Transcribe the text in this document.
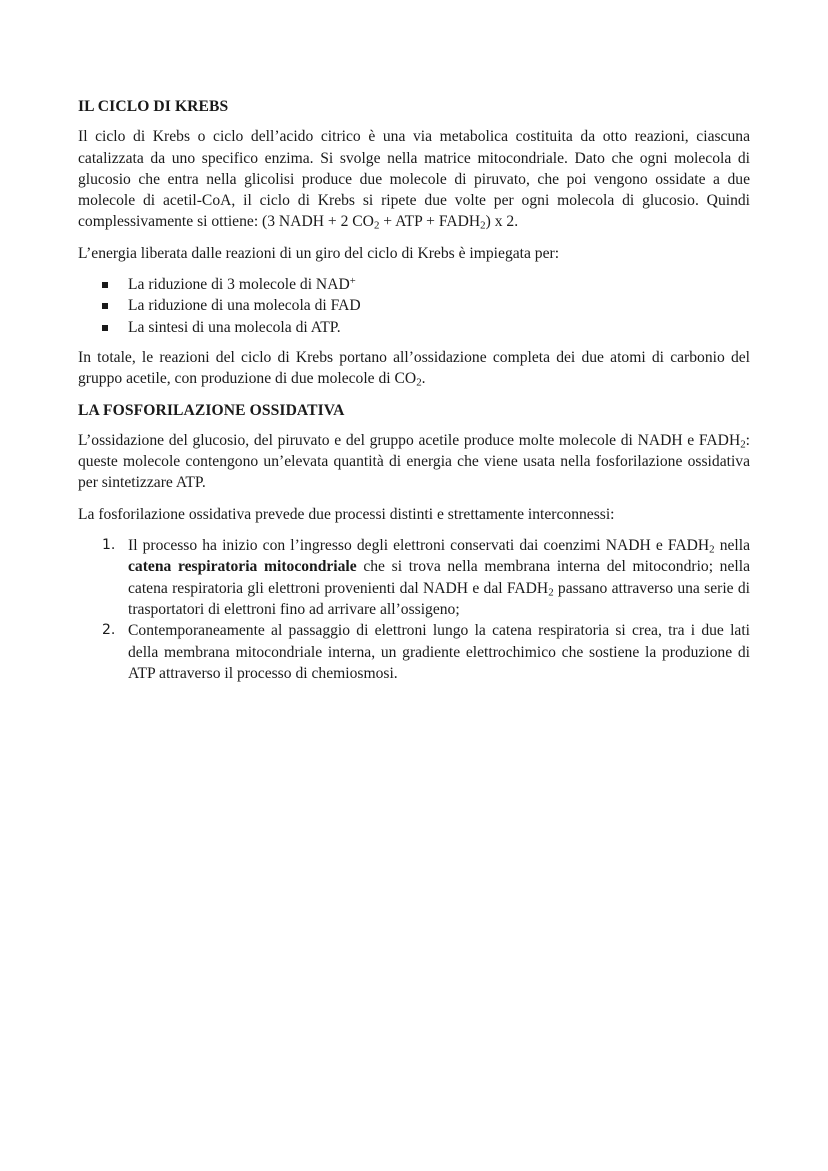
IL CICLO DI KREBS

Il ciclo di Krebs o ciclo dell’acido citrico è una via metabolica costituita da otto reazioni, ciascuna catalizzata da uno specifico enzima. Si svolge nella matrice mitocondriale. Dato che ogni molecola di glucosio che entra nella glicolisi produce due molecole di piruvato, che poi vengono ossidate a due molecole di acetil-CoA, il ciclo di Krebs si ripete due volte per ogni molecola di glucosio. Quindi complessivamente si ottiene: (3 NADH + 2 $CO_2$ + ATP + $FADH_2$) x 2.

L’energia liberata dalle reazioni di un giro del ciclo di Krebs è impiegata per:

La riduzione di 3 molecole di NAD+
La riduzione di una molecola di FAD
La sintesi di una molecola di ATP.

In totale, le reazioni del ciclo di Krebs portano all’ossidazione completa dei due atomi di carbonio del gruppo acetile, con produzione di due molecole di $CO_2$.

LA FOSFORILAZIONE OSSIDATIVA

L’ossidazione del glucosio, del piruvato e del gruppo acetile produce molte molecole di NADH e $FADH_2$: queste molecole contengono un’elevata quantità di energia che viene usata nella fosforilazione ossidativa per sintetizzare ATP.

La fosforilazione ossidativa prevede due processi distinti e strettamente interconnessi:

1. Il processo ha inizio con l’ingresso degli elettroni conservati dai coenzimi NADH e $FADH_2$ nella catena respiratoria mitocondriale che si trova nella membrana interna del mitocondrio; nella catena respiratoria gli elettroni provenienti dal NADH e dal $FADH_2$ passano attraverso una serie di trasportatori di elettroni fino ad arrivare all’ossigeno;
2. Contemporaneamente al passaggio di elettroni lungo la catena respiratoria si crea, tra i due lati della membrana mitocondriale interna, un gradiente elettrochimico che sostiene la produzione di ATP attraverso il processo di chemiosmosi.
